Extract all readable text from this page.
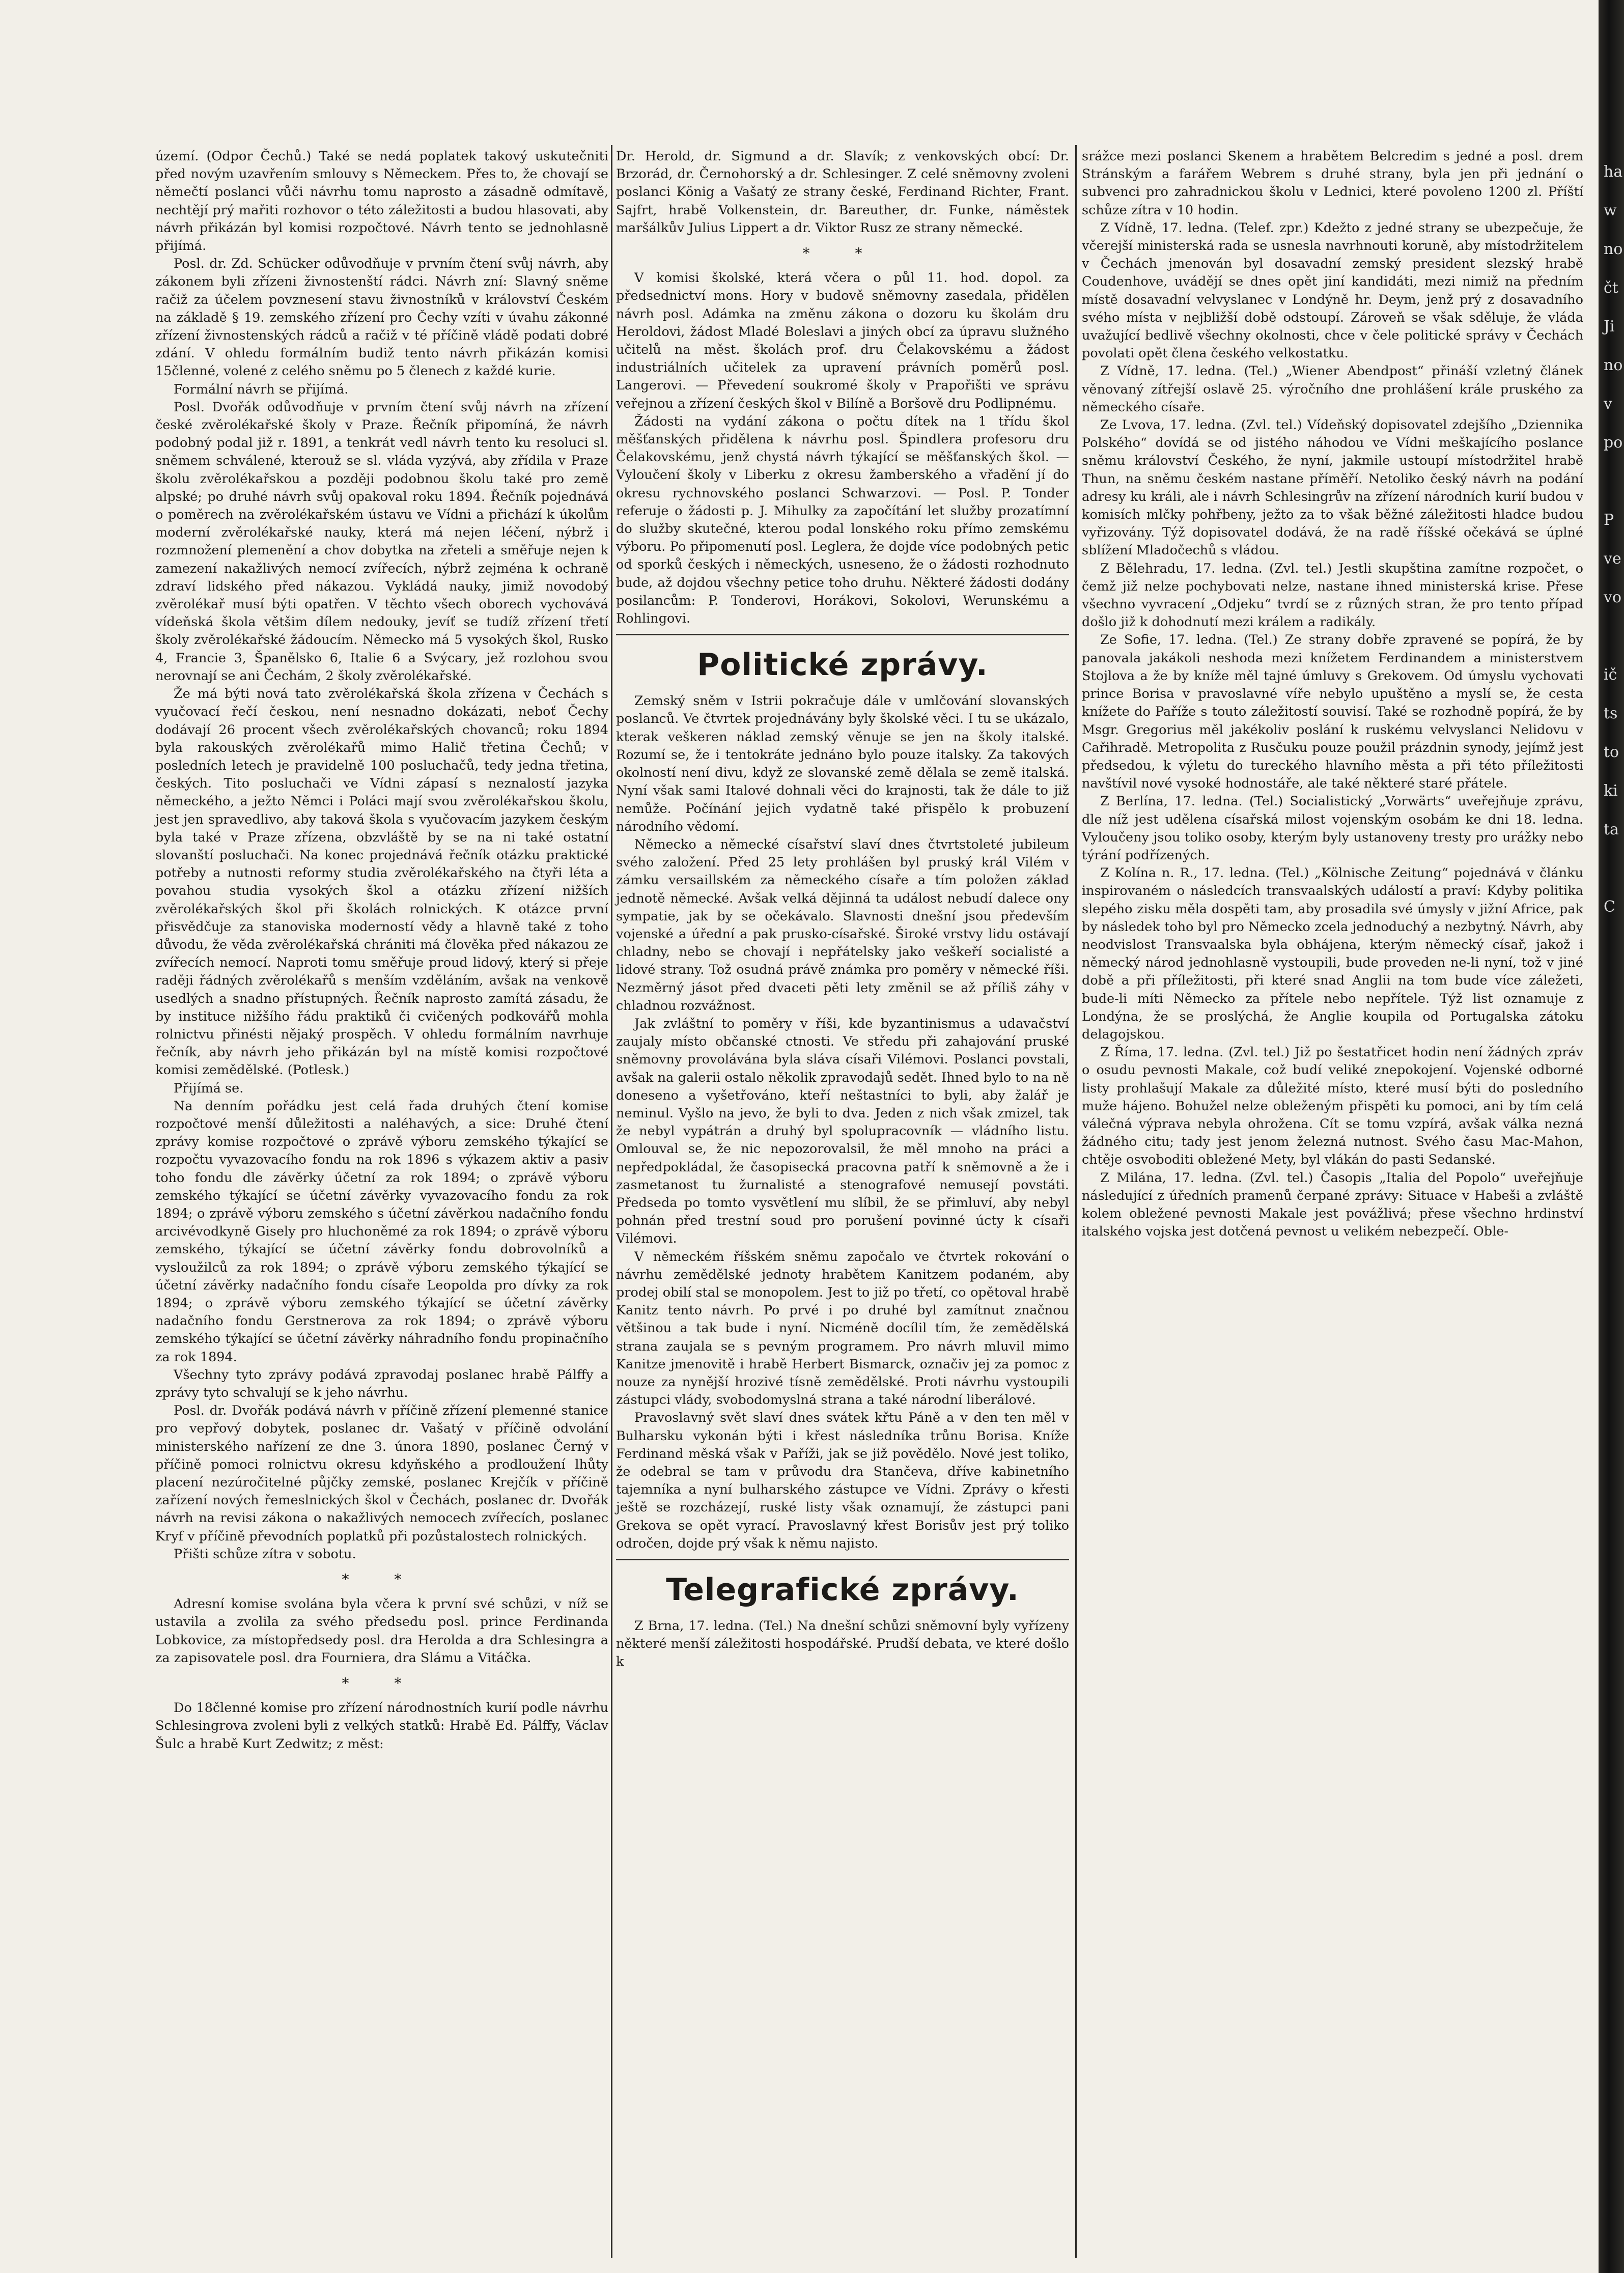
ha
w
no
čt
Ji
no
v
po

P
ve
vo

ič
ts
to
ki
ta

C

území. (Odpor Čechů.) Také se nedá poplatek takový uskutečniti před novým uzavřením smlouvy s Německem. Přes to, že chovají se němečtí poslanci vůči návrhu tomu naprosto a zásadně odmítavě, nechtějí prý mařiti rozhovor o této záležitosti a budou hlasovati, aby návrh přikázán byl komisi rozpočtové. Návrh tento se jednohlasně přijímá.

Posl. dr. Zd. Schücker odůvodňuje v prvním čtení svůj návrh, aby zákonem byli zřízeni živnostenští rádci. Návrh zní: Slavný sněme račiž za účelem povznesení stavu živnostníků v království Českém na základě § 19. zemského zřízení pro Čechy vzíti v úvahu zákonné zřízení živnostenských rádců a račiž v té příčině vládě podati dobré zdání. V ohledu formálním budiž tento návrh přikázán komisi 15členné, volené z celého sněmu po 5 členech z každé kurie.

Formální návrh se přijímá.

Posl. Dvořák odůvodňuje v prvním čtení svůj návrh na zřízení české zvěrolékařské školy v Praze. Řečník připomíná, že návrh podobný podal již r. 1891, a tenkrát vedl návrh tento ku resoluci sl. sněmem schválené, kterouž se sl. vláda vyzývá, aby zřídila v Praze školu zvěrolékařskou a později podobnou školu také pro země alpské; po druhé návrh svůj opakoval roku 1894. Řečník pojednává o poměrech na zvěrolékařském ústavu ve Vídni a přichází k úkolům moderní zvěrolékařské nauky, která má nejen léčení, nýbrž i rozmnožení plemenění a chov dobytka na zřeteli a směřuje nejen k zamezení nakažlivých nemocí zvířecích, nýbrž zejména k ochraně zdraví lidského před nákazou. Vykládá nauky, jimiž novodobý zvěrolékař musí býti opatřen. V těchto všech oborech vychovává vídeňská škola většim dílem nedouky, jevíť se tudíž zřízení třetí školy zvěrolékařské žádoucím. Německo má 5 vysokých škol, Rusko 4, Francie 3, Španělsko 6, Italie 6 a Svýcary, jež rozlohou svou nerovnají se ani Čechám, 2 školy zvěrolékařské.

Že má býti nová tato zvěrolékařská škola zřízena v Čechách s vyučovací řečí českou, není nesnadno dokázati, neboť Čechy dodávají 26 procent všech zvěrolékařských chovanců; roku 1894 byla rakouských zvěrolékařů mimo Halič třetina Čechů; v posledních letech je pravidelně 100 posluchačů, tedy jedna třetina, českých. Tito posluchači ve Vídni zápasí s neznalostí jazyka německého, a ježto Němci i Poláci mají svou zvěrolékařskou školu, jest jen spravedlivo, aby taková škola s vyučovacím jazykem českým byla také v Praze zřízena, obzvláště by se na ni také ostatní slovanští posluchači. Na konec projednává řečník otázku praktické potřeby a nutnosti reformy studia zvěrolékařského na čtyři léta a povahou studia vysokých škol a otázku zřízení nižších zvěrolékařských škol při školách rolnických. K otázce první přisvědčuje za stanoviska moderností vědy a hlavně také z toho důvodu, že věda zvěrolékařská chrániti má člověka před nákazou ze zvířecích nemocí. Naproti tomu směřuje proud lidový, který si přeje raději řádných zvěrolékařů s menším vzděláním, avšak na venkově usedlých a snadno přístupných. Řečník naprosto zamítá zásadu, že by instituce nižšího řádu praktiků či cvičených podkovářů mohla rolnictvu přinésti nějaký prospěch. V ohledu formálním navrhuje řečník, aby návrh jeho přikázán byl na místě komisi rozpočtové komisi zemědělské. (Potlesk.)

Přijímá se.

Na denním pořádku jest celá řada druhých čtení komise rozpočtové menší důležitosti a naléhavých, a sice: Druhé čtení zprávy komise rozpočtové o zprávě výboru zemského týkající se rozpočtu vyvazovacího fondu na rok 1896 s výkazem aktiv a pasiv toho fondu dle závěrky účetní za rok 1894; o zprávě výboru zemského týkající se účetní závěrky vyvazovacího fondu za rok 1894; o zprávě výboru zemského s účetní závěrkou nadačního fondu arcivévodkyně Gisely pro hluchoněmé za rok 1894; o zprávě výboru zemského, týkající se účetní závěrky fondu dobrovolníků a vysloužilců za rok 1894; o zprávě výboru zemského týkající se účetní závěrky nadačního fondu císaře Leopolda pro dívky za rok 1894; o zprávě výboru zemského týkající se účetní závěrky nadačního fondu Gerstnerova za rok 1894; o zprávě výboru zemského týkající se účetní závěrky náhradního fondu propinačního za rok 1894.

Všechny tyto zprávy podává zpravodaj poslanec hrabě Pálffy a zprávy tyto schvalují se k jeho návrhu.

Posl. dr. Dvořák podává návrh v příčině zřízení plemenné stanice pro vepřový dobytek, poslanec dr. Vašatý v příčině odvolání ministerského nařízení ze dne 3. února 1890, poslanec Černý v příčině pomoci rolnictvu okresu kdyňského a prodloužení lhůty placení nezúročitelné půjčky zemské, poslanec Krejčík v příčině zařízení nových řemeslnických škol v Čechách, poslanec dr. Dvořák návrh na revisi zákona o nakažlivých nemocech zvířecích, poslanec Kryf v příčině převodních poplatků při pozůstalostech rolnických.

Přišti schůze zítra v sobotu.

* *

Adresní komise svolána byla včera k první své schůzi, v níž se ustavila a zvolila za svého předsedu posl. prince Ferdinanda Lobkovice, za místopředsedy posl. dra Herolda a dra Schlesingra a za zapisovatele posl. dra Fourniera, dra Slámu a Vitáčka.

* *

Do 18členné komise pro zřízení národnostních kurií podle návrhu Schlesingrova zvoleni byli z velkých statků: Hrabě Ed. Pálffy, Václav Šulc a hrabě Kurt Zedwitz; z měst:

Dr. Herold, dr. Sigmund a dr. Slavík; z venkovských obcí: Dr. Brzorád, dr. Černohorský a dr. Schlesinger. Z celé sněmovny zvoleni poslanci König a Vašatý ze strany české, Ferdinand Richter, Frant. Sajfrt, hrabě Volkenstein, dr. Bareuther, dr. Funke, náměstek maršálkův Julius Lippert a dr. Viktor Rusz ze strany německé.

* *

V komisi školské, která včera o půl 11. hod. dopol. za předsednictví mons. Hory v budově sněmovny zasedala, přidělen návrh posl. Adámka na změnu zákona o dozoru ku školám dru Heroldovi, žádost Mladé Boleslavi a jiných obcí za úpravu služného učitelů na měst. školách prof. dru Čelakovskému a žádost industriálních učitelek za upravení právních poměrů posl. Langerovi. — Převedení soukromé školy v Prapořišti ve správu veřejnou a zřízení českých škol v Bilíně a Boršově dru Podlipnému.

Žádosti na vydání zákona o počtu dítek na 1 třídu škol měšťanských přidělena k návrhu posl. Špindlera profesoru dru Čelakovskému, jenž chystá návrh týkající se měšťanských škol. — Vyloučení školy v Liberku z okresu žamberského a vřadění jí do okresu rychnovského poslanci Schwarzovi. — Posl. P. Tonder referuje o žádosti p. J. Mihulky za započítání let služby prozatímní do služby skutečné, kterou podal lonského roku přímo zemskému výboru. Po připomenutí posl. Leglera, že dojde více podobných petic od sporků českých i německých, usneseno, že o žádosti rozhodnuto bude, až dojdou všechny petice toho druhu. Některé žádosti dodány posilancům: P. Tonderovi, Horákovi, Sokolovi, Werunskému a Rohlingovi.

Politické zprávy.

Zemský sněm v Istrii pokračuje dále v umlčování slovanských poslanců. Ve čtvrtek projednávány byly školské věci. I tu se ukázalo, kterak veškeren náklad zemský věnuje se jen na školy italské. Rozumí se, že i tentokráte jednáno bylo pouze italsky. Za takových okolností není divu, když ze slovanské země dělala se země italská. Nyní však sami Italové dohnali věci do krajnosti, tak že dále to již nemůže. Počínání jejich vydatně také přispělo k probuzení národního vědomí.

Německo a německé císařství slaví dnes čtvrtstoleté jubileum svého založení. Před 25 lety prohlášen byl pruský král Vilém v zámku versaillském za německého císaře a tím položen základ jednotě německé. Avšak velká dějinná ta událost nebudí dalece ony sympatie, jak by se očekávalo. Slavnosti dnešní jsou především vojenské a úřední a pak prusko-císařské. Široké vrstvy lidu ostávají chladny, nebo se chovají i nepřátelsky jako veškeří socialisté a lidové strany. Tož osudná právě známka pro poměry v německé říši. Nezměrný jásot před dvaceti pěti lety změnil se až příliš záhy v chladnou rozvážnost.

Jak zvláštní to poměry v říši, kde byzantinismus a udavačství zaujaly místo občanské ctnosti. Ve středu při zahajování pruské sněmovny provolávána byla sláva císaři Vilémovi. Poslanci povstali, avšak na galerii ostalo několik zpravodajů sedět. Ihned bylo to na ně doneseno a vyšetřováno, kteří neštastníci to byli, aby žalář je neminul. Vyšlo na jevo, že byli to dva. Jeden z nich však zmizel, tak že nebyl vypátrán a druhý byl spolupracovník — vládního listu. Omlouval se, že nic nepozorovalsil, že měl mnoho na práci a nepředpokládal, že časopisecká pracovna patří k sněmovně a že i zasmetanost tu žurnalisté a stenografové nemusejí povstáti. Předseda po tomto vysvětlení mu slíbil, že se přimluví, aby nebyl pohnán před trestní soud pro porušení povinné úcty k císaři Vilémovi.

V německém říšském sněmu započalo ve čtvrtek rokování o návrhu zemědělské jednoty hrabětem Kanitzem podaném, aby prodej obilí stal se monopolem. Jest to již po třetí, co opětoval hrabě Kanitz tento návrh. Po prvé i po druhé byl zamítnut značnou většinou a tak bude i nyní. Nicméně docílil tím, že zemědělská strana zaujala se s pevným programem. Pro návrh mluvil mimo Kanitze jmenovitě i hrabě Herbert Bismarck, označiv jej za pomoc z nouze za nynější hrozivé tísně zemědělské. Proti návrhu vystoupili zástupci vlády, svobodomyslná strana a také národní liberálové.

Pravoslavný svět slaví dnes svátek křtu Páně a v den ten měl v Bulharsku vykonán býti i křest následníka trůnu Borisa. Kníže Ferdinand měská však v Paříži, jak se již povědělo. Nové jest toliko, že odebral se tam v průvodu dra Stančeva, dříve kabinetního tajemníka a nyní bulharského zástupce ve Vídni. Zprávy o křesti ještě se rozcházejí, ruské listy však oznamují, že zástupci pani Grekova se opět vyrací. Pravoslavný křest Borisův jest prý toliko odročen, dojde prý však k němu najisto.

Telegrafické zprávy.

Z Brna, 17. ledna. (Tel.) Na dnešní schůzi sněmovní byly vyřízeny některé menší záležitosti hospodářské. Prudší debata, ve které došlo k

srážce mezi poslanci Skenem a hrabětem Belcredim s jedné a posl. drem Stránským a farářem Webrem s druhé strany, byla jen při jednání o subvenci pro zahradnickou školu v Lednici, které povoleno 1200 zl. Příští schůze zítra v 10 hodin.

Z Vídně, 17. ledna. (Telef. zpr.) Kdežto z jedné strany se ubezpečuje, že včerejší ministerská rada se usnesla navrhnouti koruně, aby místodržitelem v Čechách jmenován byl dosavadní zemský president slezský hrabě Coudenhove, uvádějí se dnes opět jiní kandidáti, mezi nimiž na předním místě dosavadní velvyslanec v Londýně hr. Deym, jenž prý z dosavadního svého místa v nejbližší době odstoupí. Zároveň se však sděluje, že vláda uvažující bedlivě všechny okolnosti, chce v čele politické správy v Čechách povolati opět člena českého velkostatku.

Z Vídně, 17. ledna. (Tel.) „Wiener Abendpost“ přináší vzletný článek věnovaný zítřejší oslavě 25. výročního dne prohlášení krále pruského za německého císaře.

Ze Lvova, 17. ledna. (Zvl. tel.) Vídeňský dopisovatel zdejšího „Dziennika Polského“ dovídá se od jistého náhodou ve Vídni meškajícího poslance sněmu království Českého, že nyní, jakmile ustoupí místodržitel hrabě Thun, na sněmu českém nastane příměří. Netoliko český návrh na podání adresy ku králi, ale i návrh Schlesingrův na zřízení národních kurií budou v komisích mlčky pohřbeny, ježto za to však běžné záležitosti hladce budou vyřizovány. Týž dopisovatel dodává, že na radě říšské očekává se úplné sblížení Mladočechů s vládou.

Z Bělehradu, 17. ledna. (Zvl. tel.) Jestli skupština zamítne rozpočet, o čemž již nelze pochybovati nelze, nastane ihned ministerská krise. Přese všechno vyvracení „Odjeku“ tvrdí se z různých stran, že pro tento případ došlo již k dohodnutí mezi králem a radikály.

Ze Sofie, 17. ledna. (Tel.) Ze strany dobře zpravené se popírá, že by panovala jakákoli neshoda mezi knížetem Ferdinandem a ministerstvem Stojlova a že by kníže měl tajné úmluvy s Grekovem. Od úmyslu vychovati prince Borisa v pravoslavné víře nebylo upuštěno a myslí se, že cesta knížete do Paříže s touto záležitostí souvisí. Také se rozhodně popírá, že by Msgr. Gregorius měl jakékoliv poslání k ruskému velvyslanci Nelidovu v Cařihradě. Metropolita z Rusčuku pouze použil prázdnin synody, jejímž jest předsedou, k výletu do tureckého hlavního města a při této příležitosti navštívil nové vysoké hodnostáře, ale také některé staré přátele.

Z Berlína, 17. ledna. (Tel.) Socialistický „Vorwärts“ uveřejňuje zprávu, dle níž jest udělena císařská milost vojenským osobám ke dni 18. ledna. Vyloučeny jsou toliko osoby, kterým byly ustanoveny tresty pro urážky nebo týrání podřízených.

Z Kolína n. R., 17. ledna. (Tel.) „Kölnische Zeitung“ pojednává v článku inspirovaném o následcích transvaalských událostí a praví: Kdyby politika slepého zisku měla dospěti tam, aby prosadila své úmysly v jižní Africe, pak by následek toho byl pro Německo zcela jednoduchý a nezbytný. Návrh, aby neodvislost Transvaalska byla obhájena, kterým německý císař, jakož i německý národ jednohlasně vystoupili, bude proveden ne-li nyní, tož v jiné době a při příležitosti, při které snad Anglii na tom bude více záležeti, bude-li míti Německo za přítele nebo nepřítele. Týž list oznamuje z Londýna, že se proslýchá, že Anglie koupila od Portugalska zátoku delagojskou.

Z Říma, 17. ledna. (Zvl. tel.) Již po šestatřicet hodin není žádných zpráv o osudu pevnosti Makale, což budí veliké znepokojení. Vojenské odborné listy prohlašují Makale za důležité místo, které musí býti do posledního muže hájeno. Bohužel nelze obleženým přispěti ku pomoci, ani by tím celá válečná výprava nebyla ohrožena. Cít se tomu vzpírá, avšak válka nezná žádného citu; tady jest jenom železná nutnost. Svého času Mac-Mahon, chtěje osvoboditi obležené Mety, byl vlákán do pasti Sedanské.

Z Milána, 17. ledna. (Zvl. tel.) Časopis „Italia del Popolo“ uveřejňuje následující z úředních pramenů čerpané zprávy: Situace v Habeši a zvláště kolem obležené pevnosti Makale jest povážlivá; přese všechno hrdinství italského vojska jest dotčená pevnost u velikém nebezpečí. Oble-
